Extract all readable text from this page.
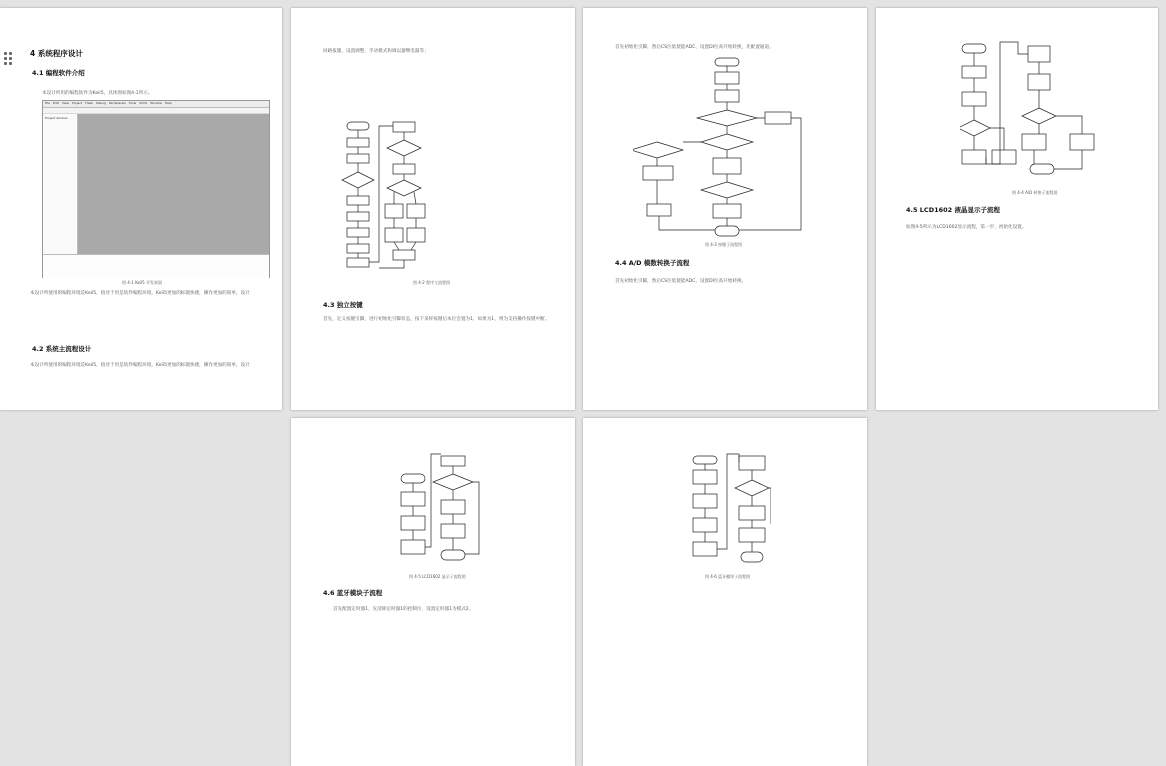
4 系统程序设计
4.1 编程软件介绍
本设计所用的编程软件为Keil5，具体图如图4-1所示。
File Edit View Project Flash Debug Peripherals Tools SVCS Window Help
Project window
图 4-1 Keil5 开发界面
本设计所使用的编程环境是Keil5，指对于用是软件编程环境，Keil5更加的标题快捷，操作更加的简单，设计
4.2 系统主流程设计
本设计所使用的编程环境是Keil5，指对于用是软件编程环境，Keil5更加的标题快捷，操作更加的简单，设计
回路报题，设置调整，手动模式和调以器继电器等；
图 4-2 程序主流程图
4.3 独立按键
首先，定义按键引脚，进行初始化引脚状态，按下采样按键后本位会置为1，如果为1，则为支持操作按键中断。
首先初始化引脚，然后CS位低使能ADC，设置DI位高开始转换，先配置通道。
图 4-3 按键子流程图
4.4 A/D 模数转换子流程
首先初始化引脚，然后CS位低使能ADC，设置DI位高开始转换。
图 4-4 A/D 转换子流程图
4.5 LCD1602 液晶显示子流程
如图4-5所示为LCD1602显示流程，第一步，初始化设置。
图 4-5 LCD1602 显示子流程图
4.6 蓝牙模块子流程
首先配置定时器1，先清除定时器1的控制位，设置定时器1为模式2。
图 4-6 蓝牙模块子流程图
